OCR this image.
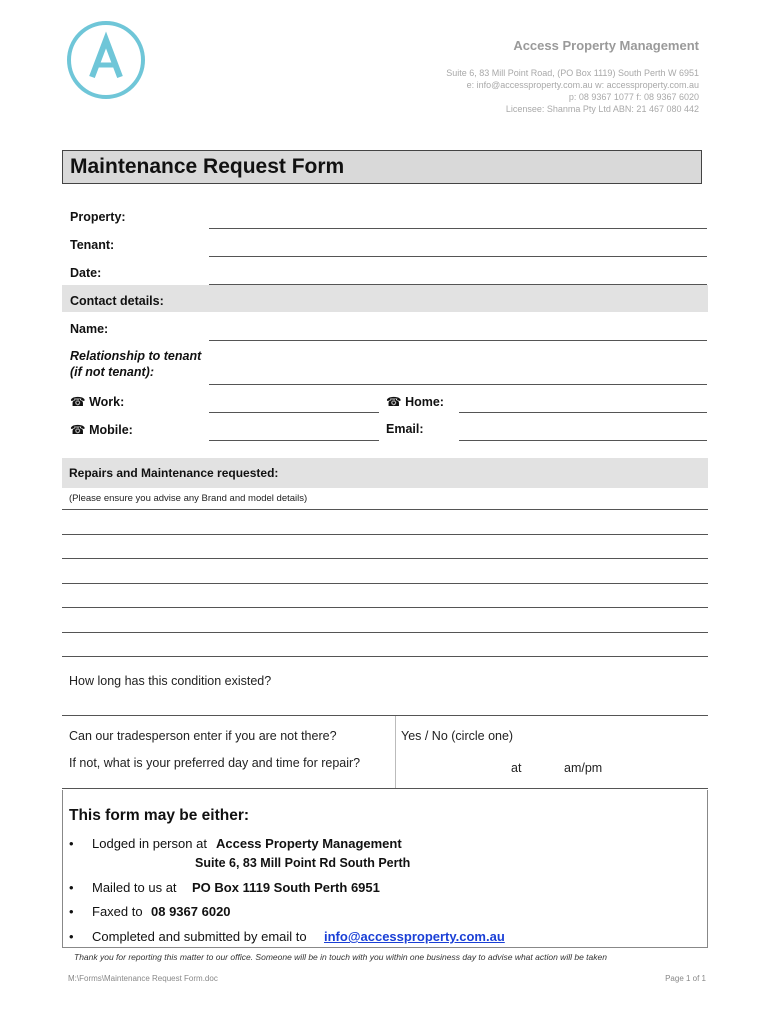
Access Property Management
Suite 6, 83 Mill Point Road, (PO Box 1119) South Perth W 6951
e: info@accessproperty.com.au w: accessproperty.com.au
p: 08 9367 1077 f: 08 9367 6020
Licensee: Shanma Pty Ltd ABN: 21 467 080 442
Maintenance Request Form
Property:
Tenant:
Date:
Contact details:
Name:
Relationship to tenant
(if not tenant):
☎ Work:	☎ Home:
☎ Mobile:	Email:
Repairs and Maintenance requested:
(Please ensure you advise any Brand and model details)
How long has this condition existed?
Can our tradesperson enter if you are not there?	Yes / No (circle one)
If not, what is your preferred day and time for repair?	at	am/pm
This form may be either:
• Lodged in person at Access Property Management
Suite 6, 83 Mill Point Rd South Perth
• Mailed to us at PO Box 1119 South Perth 6951
• Faxed to 08 9367 6020
• Completed and submitted by email to info@accessproperty.com.au
Thank you for reporting this matter to our office. Someone will be in touch with you within one business day to advise what action will be taken
M:\Forms\Maintenance Request Form.doc	Page 1 of 1
